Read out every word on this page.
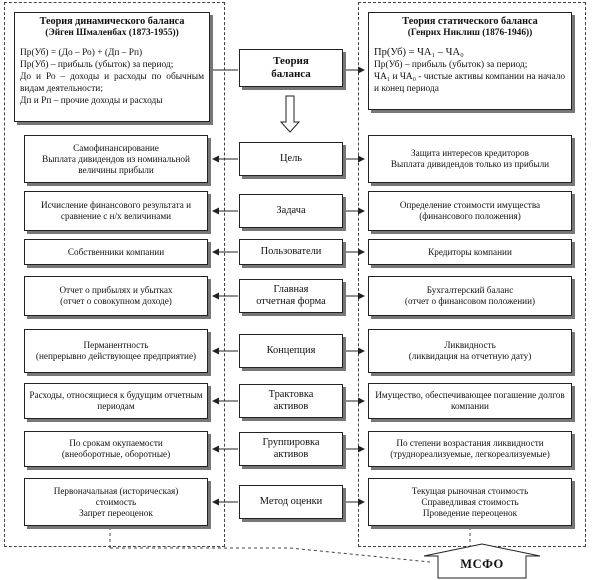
Теория динамического баланса
(Эйген Шмаленбах (1873-1955))

Пр(Уб) = (До – Ро) + (Дп – Рп)

Пр(Уб) – прибыль (убыток) за период;

До и Ро – доходы и расходы по обычным видам деятельности;

Дп и Рп – прочие доходы и расходы

Теория статического баланса
(Генрих Никлиш (1876-1946))

Пр(Уб) = ЧА₁ – ЧА₀

Пр(Уб) – прибыль (убыток) за период;

ЧА₁ и ЧА₀ - чистые активы компании на начало и конец периода

Теория
баланса
Самофинансирование
Выплата дивидендов из номинальной величины прибыли
Защита интересов кредиторов
Выплата дивидендов только из прибыли
Цель
Исчисление финансового результата и сравнение с н/х величинами
Определение стоимости имущества
(финансового положения)
Задача
Собственники компании	Кредиторы компании
Пользователи
Отчет о прибылях и убытках
(отчет о совокупном доходе)
Бухгалтерский баланс
(отчет о финансовом положении)
Главная
отчетная форма
Перманентность
(непрерывно действующее предприятие)
Ликвидность
(ликвидация на отчетную дату)
Концепция
Расходы, относящиеся к будущим отчетным периодам
Имущество, обеспечивающее погашение долгов компании
Трактовка
активов
По срокам окупаемости
(внеоборотные, оборотные)
По степени возрастания ликвидности
(труднореализуемые, легкореализуемые)
Группировка
активов
Первоначальная (историческая)
стоимость
Запрет переоценок
Текущая рыночная стоимость
Справедливая стоимость
Проведение переоценок
Метод оценки
МСФО
